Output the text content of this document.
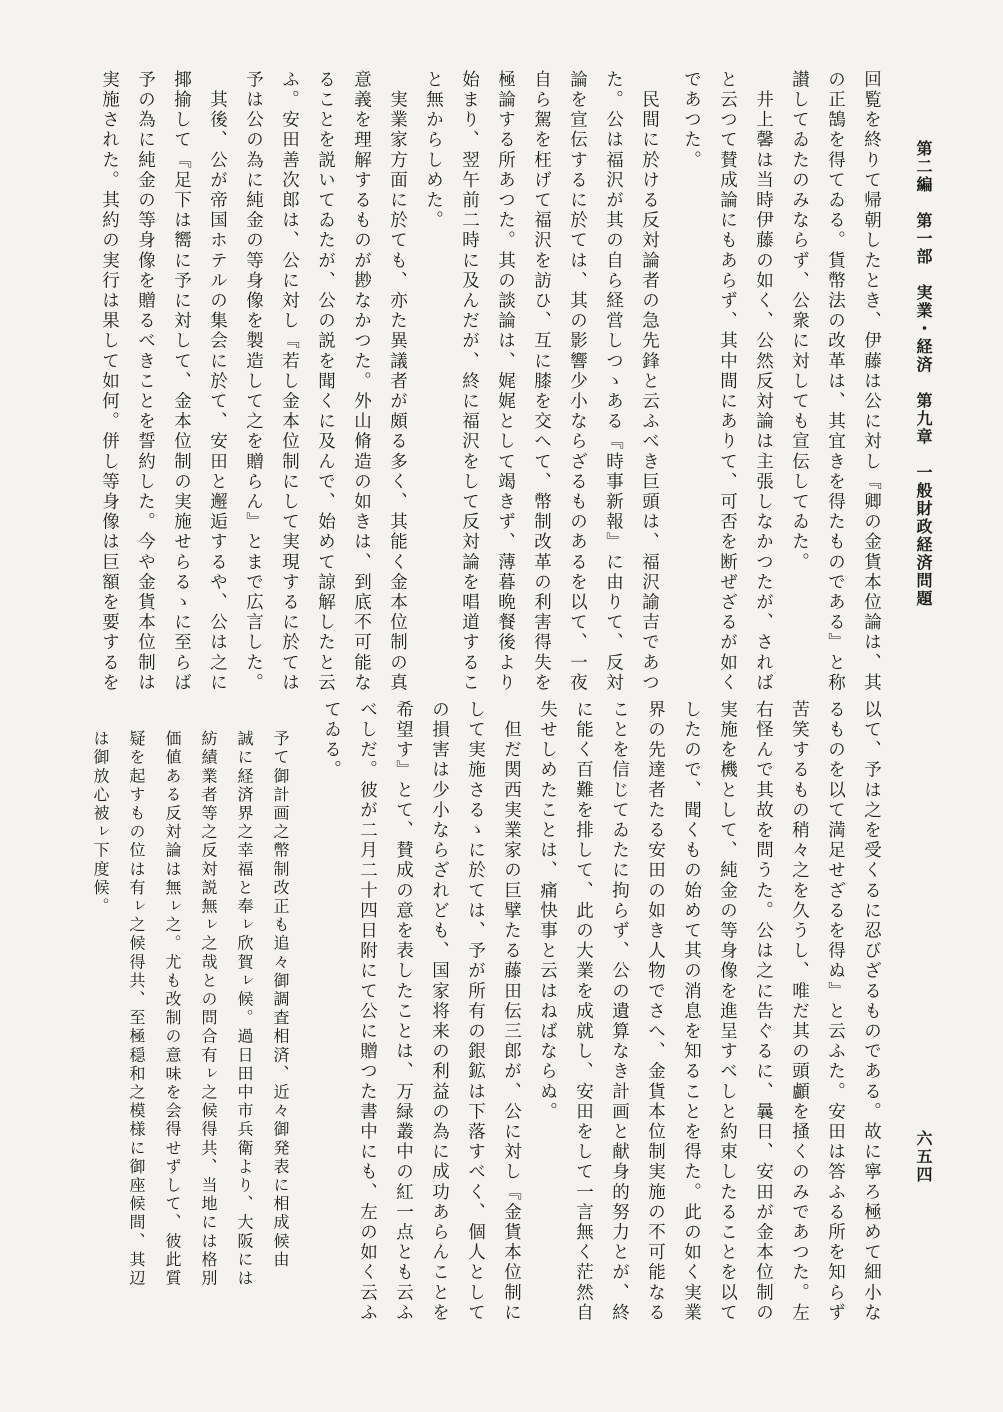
第二編　第一部　実業・経済　第九章　一般財政経済問題
六五四
回覧を終りて帰朝したとき、伊藤は公に対し『卿の金貨本位論は、其
の正鵠を得てゐる。貨幣法の改革は、其宜きを得たものである』と称
讃してゐたのみならず、公衆に対しても宣伝してゐた。
　井上馨は当時伊藤の如く、公然反対論は主張しなかつたが、されば
と云つて賛成論にもあらず、其中間にありて、可否を断ぜざるが如く
であつた。
　民間に於ける反対論者の急先鋒と云ふべき巨頭は、福沢諭吉であつ
た。公は福沢が其の自ら経営しつゝある『時事新報』に由りて、反対
論を宣伝するに於ては、其の影響少小ならざるものあるを以て、一夜
自ら駕を枉げて福沢を訪ひ、互に膝を交へて、幣制改革の利害得失を
極論する所あつた。其の談論は、娓娓として竭きず、薄暮晩餐後より
始まり、翌午前二時に及んだが、終に福沢をして反対論を唱道するこ
と無からしめた。
　実業家方面に於ても、亦た異議者が頗る多く、其能く金本位制の真
意義を理解するものが尠なかつた。外山脩造の如きは、到底不可能な
ることを説いてゐたが、公の説を聞くに及んで、始めて諒解したと云
ふ。安田善次郎は、公に対し『若し金本位制にして実現するに於ては
予は公の為に純金の等身像を製造して之を贈らん』とまで広言した。
　其後、公が帝国ホテルの集会に於て、安田と邂逅するや、公は之に
揶揄して『足下は嚮に予に対して、金本位制の実施せらるゝに至らば
予の為に純金の等身像を贈るべきことを誓約した。今や金貨本位制は
実施された。其約の実行は果して如何。併し等身像は巨額を要するを
以て、予は之を受くるに忍びざるものである。故に寧ろ極めて細小な
るものを以て満足せざるを得ぬ』と云ふた。安田は答ふる所を知らず
苦笑するもの稍々之を久うし、唯だ其の頭顱を掻くのみであつた。左
右怪んで其故を問うた。公は之に告ぐるに、曩日、安田が金本位制の
実施を機として、純金の等身像を進呈すべしと約束したることを以て
したので、聞くもの始めて其の消息を知ることを得た。此の如く実業
界の先達者たる安田の如き人物でさへ、金貨本位制実施の不可能なる
ことを信じてゐたに拘らず、公の遺算なき計画と献身的努力とが、終
に能く百難を排して、此の大業を成就し、安田をして一言無く茫然自
失せしめたことは、痛快事と云はねばならぬ。
　但だ関西実業家の巨擘たる藤田伝三郎が、公に対し『金貨本位制に
して実施さるゝに於ては、予が所有の銀鉱は下落すべく、個人として
の損害は少小ならざれども、国家将来の利益の為に成功あらんことを
希望す』とて、賛成の意を表したことは、万緑叢中の紅一点とも云ふ
べしだ。彼が二月二十四日附にて公に贈つた書中にも、左の如く云ふ
てゐる。
予て御計画之幣制改正も追々御調査相済、近々御発表に相成候由
誠に経済界之幸福と奉ㇾ欣賀ㇾ候。過日田中市兵衛より、大阪には
紡績業者等之反対説無ㇾ之哉との問合有ㇾ之候得共、当地には格別
価値ある反対論は無ㇾ之。尤も改制の意味を会得せずして、彼此質
疑を起すもの位は有ㇾ之候得共、至極穏和之模様に御座候間、其辺
は御放心被ㇾ下度候。
